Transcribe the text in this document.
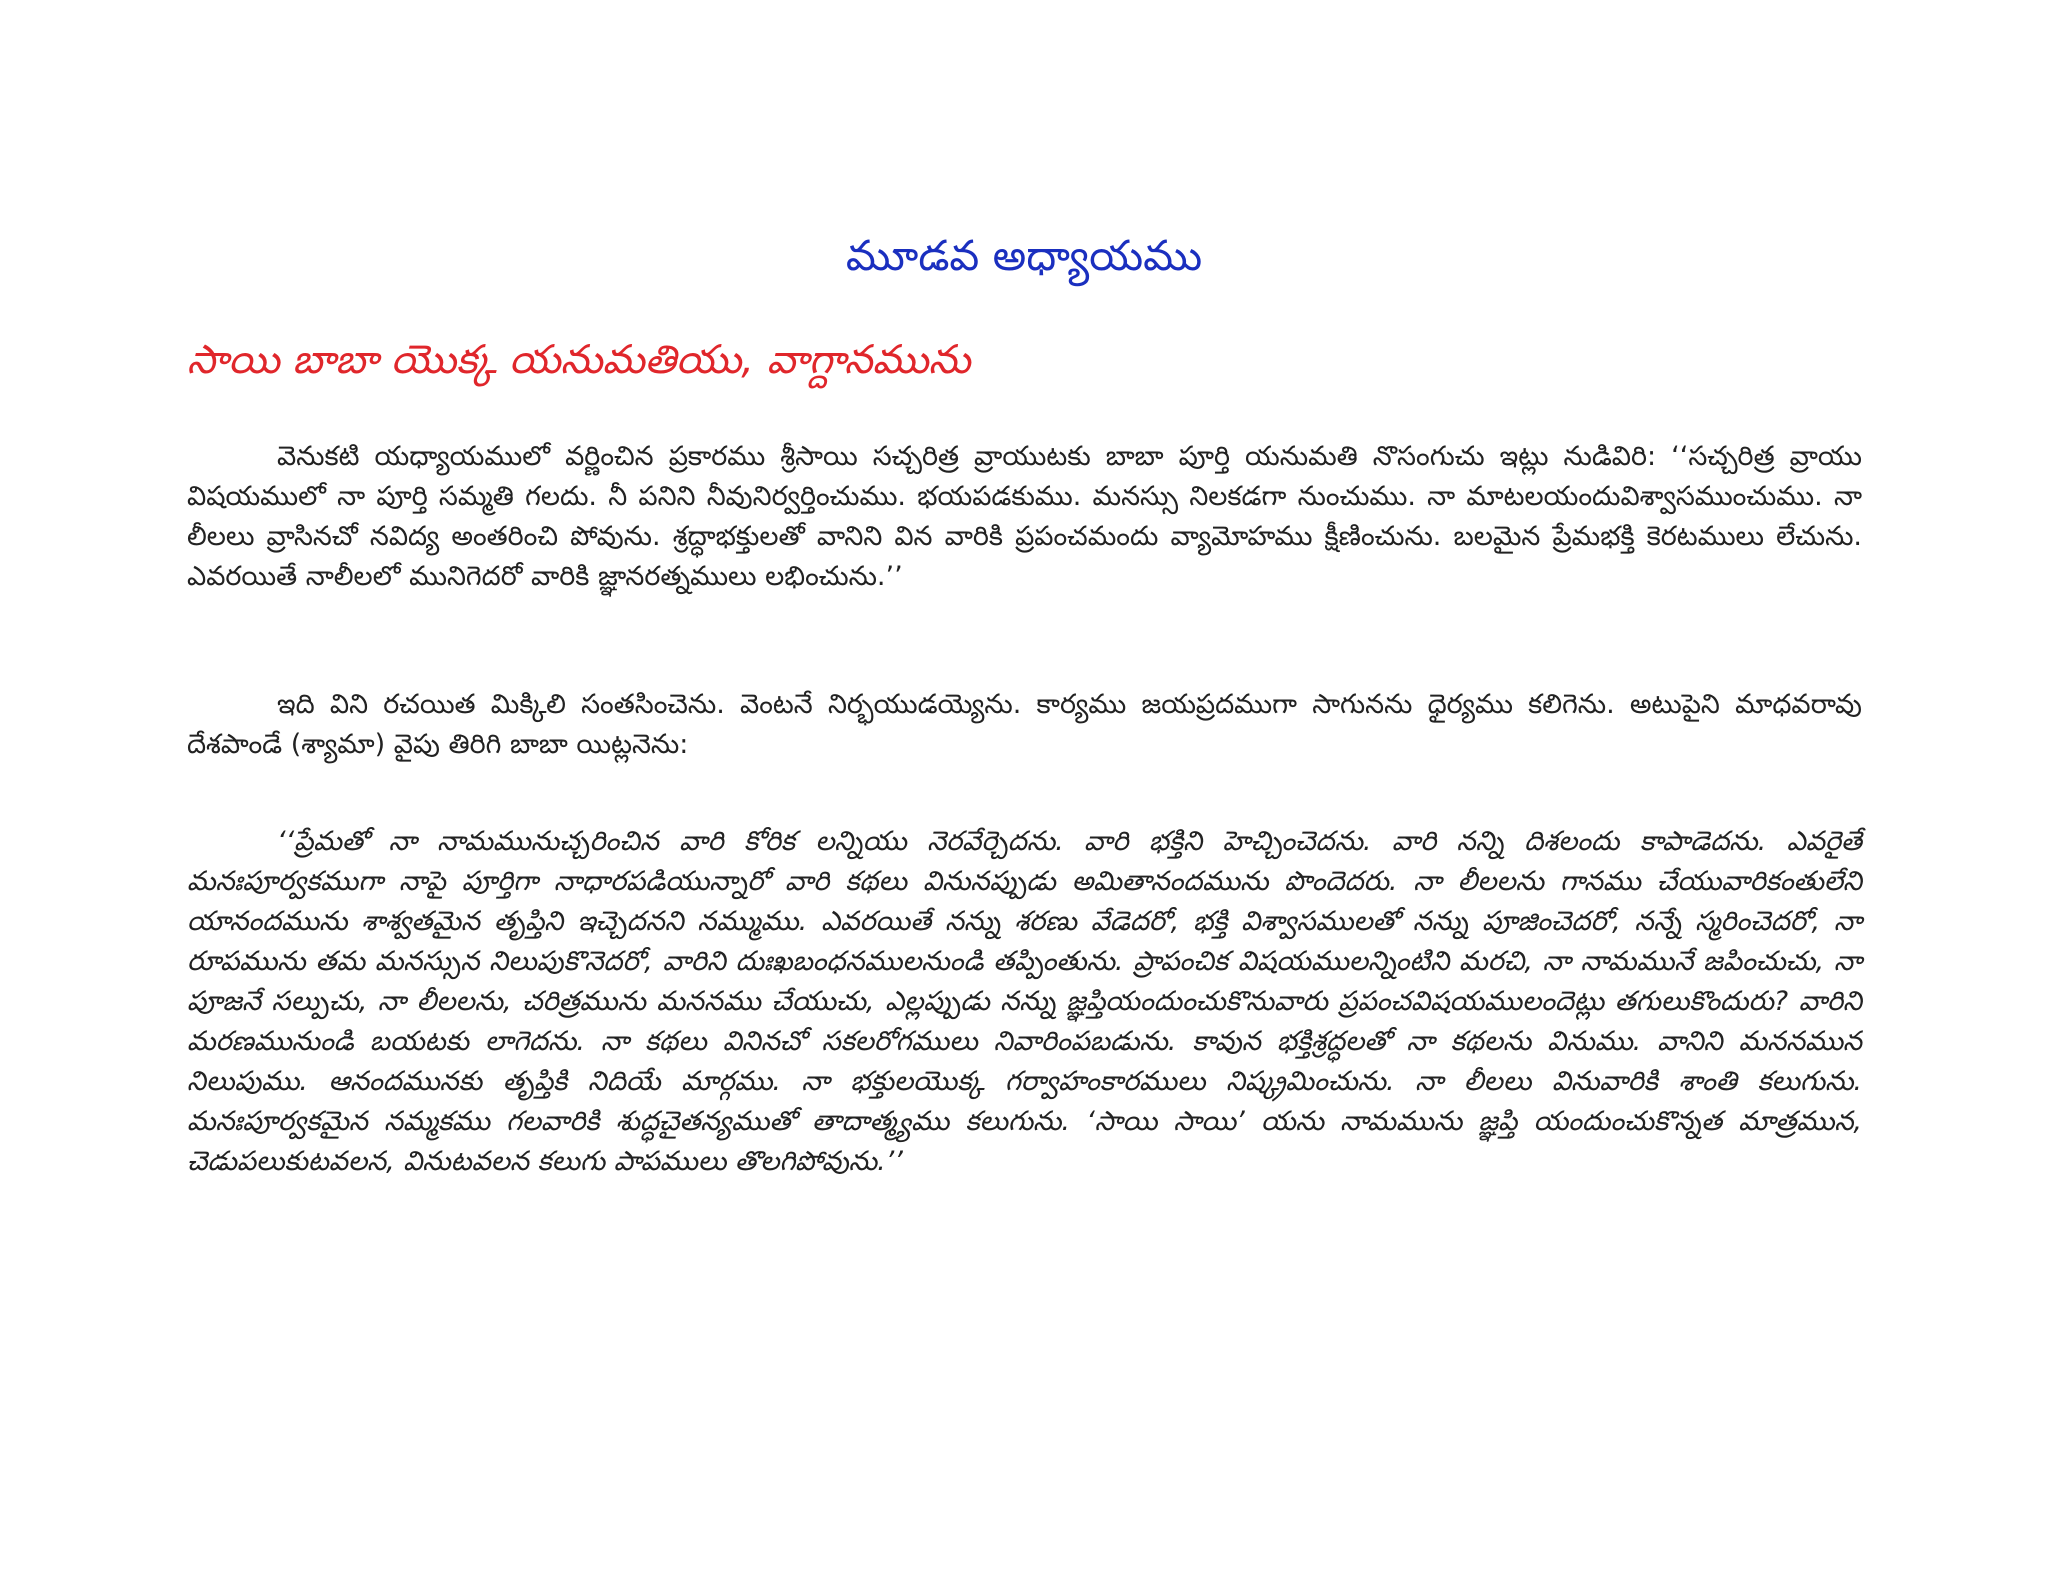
మూడవ అధ్యాయము
సాయి బాబా యొక్క యనుమతియు, వాగ్దానమును

వెనుకటి యధ్యాయములో వర్ణించిన ప్రకారము శ్రీసాయి సచ్చరిత్ర వ్రాయుటకు బాబా పూర్తి యనుమతి నొసంగుచు ఇట్లు నుడివిరి: ‘‘సచ్చరిత్ర వ్రాయు విషయములో నా పూర్తి సమ్మతి గలదు. నీ పనిని నీవునిర్వర్తించుము. భయపడకుము. మనస్సు నిలకడగా నుంచుము. నా మాటలయందువిశ్వాసముంచుము. నా లీలలు వ్రాసినచో నవిద్య అంతరించి పోవును. శ్రద్ధాభక్తులతో వానిని విన వారికి ప్రపంచమందు వ్యామోహము క్షీణించును. బలమైన ప్రేమభక్తి కెరటములు లేచును. ఎవరయితే నాలీలలో మునిగెదరో వారికి జ్ఞానరత్నములు లభించును.’’

ఇది విని రచయిత మిక్కిలి సంతసించెను. వెంటనే నిర్భయుడయ్యెను. కార్యము జయప్రదముగా సాగునను ధైర్యము కలిగెను. అటుపైని మాధవరావు దేశపాండే (శ్యామా) వైపు తిరిగి బాబా యిట్లనెను:

‘‘ప్రేమతో నా నామమునుచ్చరించిన వారి కోరిక లన్నియు నెరవేర్చెదను. వారి భక్తిని హెచ్చించెదను. వారి నన్ని దిశలందు కాపాడెదను. ఎవరైతే మనఃపూర్వకముగా నాపై పూర్తిగా నాధారపడియున్నారో వారి కథలు వినునప్పుడు అమితానందమును పొందెదరు. నా లీలలను గానము చేయువారికంతులేని యానందమును శాశ్వతమైన తృప్తిని ఇచ్చెదనని నమ్ముము. ఎవరయితే నన్ను శరణు వేడెదరో, భక్తి విశ్వాసములతో నన్ను పూజించెదరో, నన్నే స్మరించెదరో, నా రూపమును తమ మనస్సున నిలుపుకొనెదరో, వారిని దుఃఖబంధనములనుండి తప్పింతును. ప్రాపంచిక విషయములన్నింటిని మరచి, నా నామమునే జపించుచు, నా పూజనే సల్పుచు, నా లీలలను, చరిత్రమును మననము చేయుచు, ఎల్లప్పుడు నన్ను జ్ఞప్తియందుంచుకొనువారు ప్రపంచవిషయములందెట్లు తగులుకొందురు? వారిని మరణమునుండి బయటకు లాగెదను. నా కథలు వినినచో సకలరోగములు నివారింపబడును. కావున భక్తిశ్రద్ధలతో నా కథలను వినుము. వానిని మననమున నిలుపుము. ఆనందమునకు తృప్తికి నిదియే మార్గము. నా భక్తులయొక్క గర్వాహంకారములు నిష్క్రమించును. నా లీలలు వినువారికి శాంతి కలుగును. మనఃపూర్వకమైన నమ్మకము గలవారికి శుద్ధచైతన్యముతో తాదాత్మ్యము కలుగును. ‘సాయి సాయి’ యను నామమును జ్ఞప్తి యందుంచుకొన్నత మాత్రమున, చెడుపలుకుటవలన, వినుటవలన కలుగు పాపములు తొలగిపోవును.’’
